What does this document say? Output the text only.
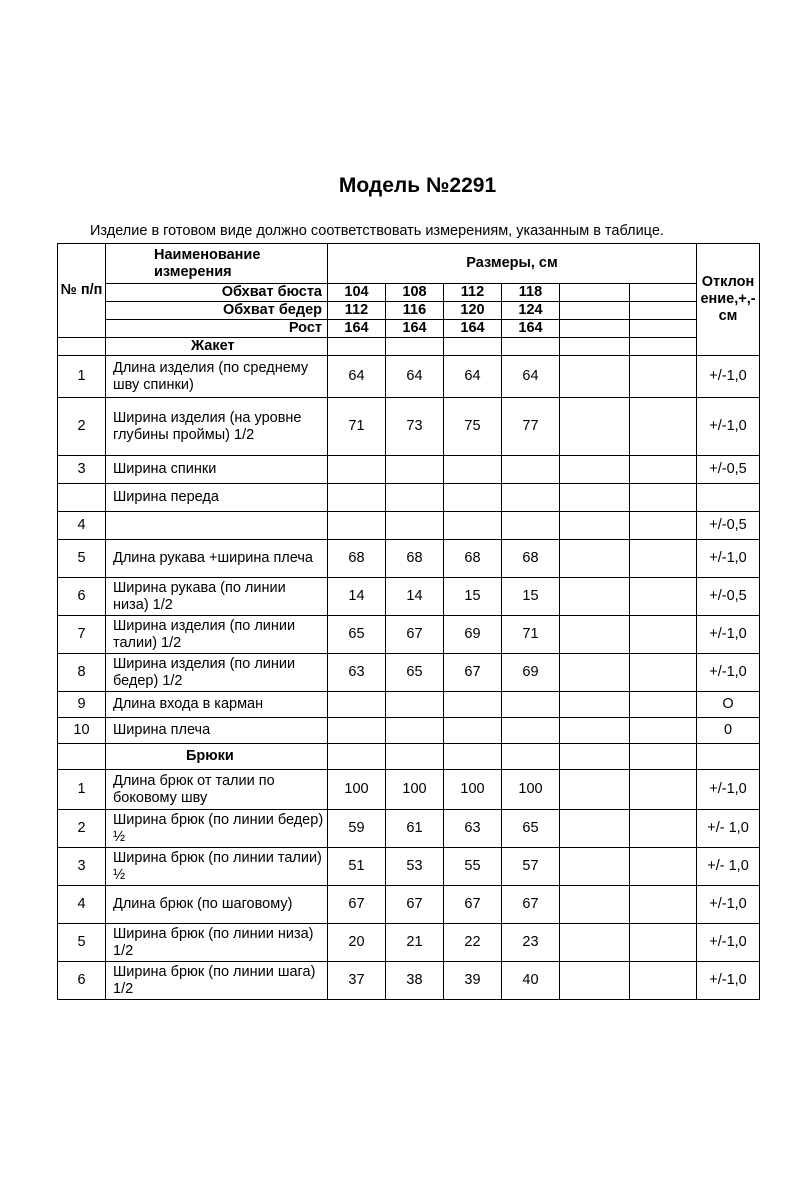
Модель №2291
Изделие в готовом виде должно соответствовать измерениям, указанным в таблице.
№ п/п	Наименование измерения	Размеры, см						Отклон ение,+,- см
	Обхват бюста	104	108	112	118			
	Обхват бедер	112	116	120	124			
	Рост	164	164	164	164			
	Жакет							
1	Длина изделия (по среднему шву спинки)	64	64	64	64			+/-1,0
2	Ширина изделия (на уровне глубины проймы) 1/2	71	73	75	77			+/-1,0
3	Ширина спинки							+/-0,5
	Ширина переда							
4								+/-0,5
5	Длина рукава +ширина плеча	68	68	68	68			+/-1,0
6	Ширина рукава (по линии низа) 1/2	14	14	15	15			+/-0,5
7	Ширина изделия (по линии талии) 1/2	65	67	69	71			+/-1,0
8	Ширина изделия (по линии бедер) 1/2	63	65	67	69			+/-1,0
9	Длина входа в карман							О
10	Ширина плеча							0
	Брюки							
1	Длина брюк от талии по боковому шву	100	100	100	100			+/-1,0
2	Ширина брюк (по линии бедер) ½	59	61	63	65			+/- 1,0
3	Ширина брюк (по линии талии) ½	51	53	55	57			+/- 1,0
4	Длина брюк (по шаговому)	67	67	67	67			+/-1,0
5	Ширина брюк (по линии низа) 1/2	20	21	22	23			+/-1,0
6	Ширина брюк (по линии шага) 1/2	37	38	39	40			+/-1,0
